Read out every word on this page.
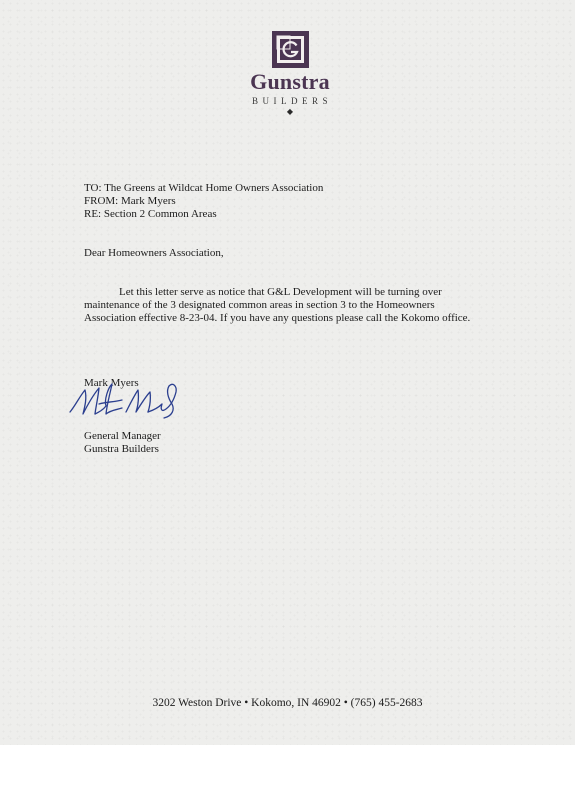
Gunstra
BUILDERS
◆
TO: The Greens at Wildcat Home Owners Association
FROM: Mark Myers
RE: Section 2 Common Areas
Dear Homeowners Association,
Let this letter serve as notice that G&L Development will be turning over
maintenance of the 3 designated common areas in section 3 to the Homeowners
Association effective 8-23-04. If you have any questions please call the Kokomo office.
Mark Myers
General Manager
Gunstra Builders
3202 Weston Drive • Kokomo, IN 46902 • (765) 455-2683
